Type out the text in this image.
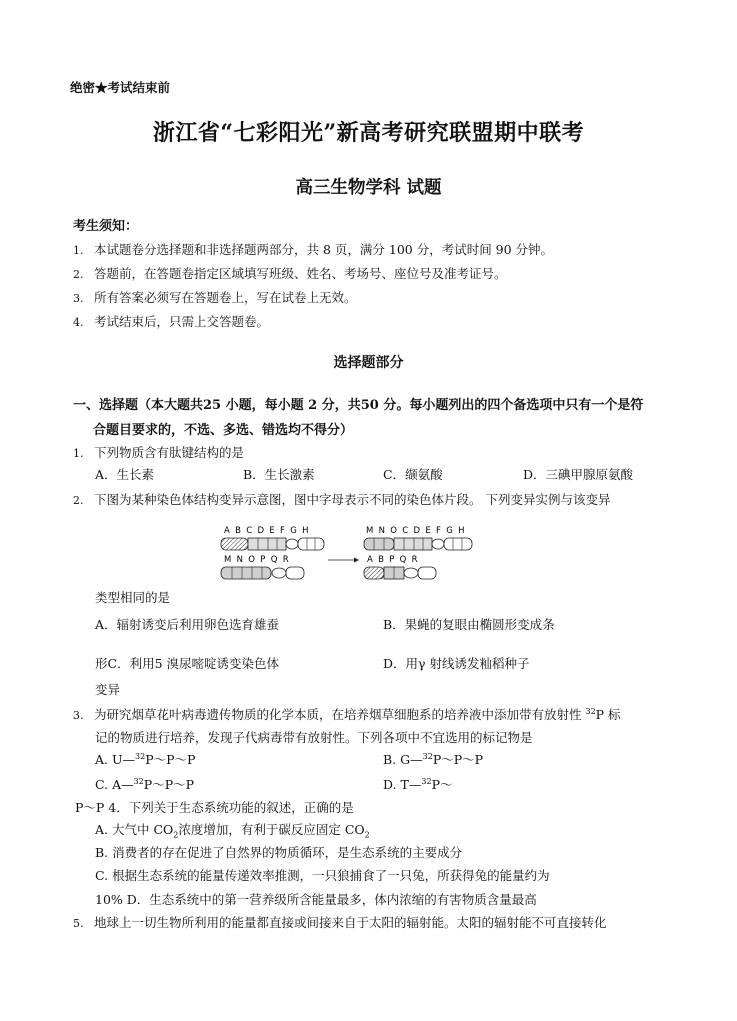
绝密★考试结束前
浙江省“七彩阳光”新高考研究联盟期中联考
高三生物学科 试题
考生须知：
1. 本试题卷分选择题和非选择题两部分，共 8 页，满分 100 分，考试时间 90 分钟。
2. 答题前，在答题卷指定区域填写班级、姓名、考场号、座位号及准考证号。
3. 所有答案必须写在答题卷上，写在试卷上无效。
4. 考试结束后，只需上交答题卷。
选择题部分
一、选择题（本大题共25 小题，每小题 2 分，共50 分。每小题列出的四个备选项中只有一个是符
合题目要求的，不选、多选、错选均不得分）
1. 下列物质含有肽键结构的是
A．生长素	B．生长激素	C．缬氨酸	D．三碘甲腺原氨酸
2. 下图为某种染色体结构变异示意图，图中字母表示不同的染色体片段。 下列变异实例与该变异
A B C D E F G H
M N O P Q R
M N O C D E F G H
A B P Q R
类型相同的是
A．辐射诱变后利用卵色选育雄蚕	B．果蝇的复眼由椭圆形变成条
形C．利用5 溴尿嘧啶诱变染色体	D．用γ 射线诱发籼稻种子
变异
3. 为研究烟草花叶病毒遗传物质的化学本质，在培养烟草细胞系的培养液中添加带有放射性 $^{32}$P 标
记的物质进行培养，发现子代病毒带有放射性。下列各项中不宜选用的标记物是
A. U—$^{32}$P～P～P	B. G—$^{32}$P～P～P
C. A—$^{32}$P～P～P	D. T—$^{32}$P～
P～P 4．下列关于生态系统功能的叙述，正确的是
A. 大气中 $CO_2$浓度增加，有利于碳反应固定 $CO_2$
B. 消费者的存在促进了自然界的物质循环，是生态系统的主要成分
C. 根据生态系统的能量传递效率推测，一只狼捕食了一只兔，所获得兔的能量约为
10% D．生态系统中的第一营养级所含能量最多，体内浓缩的有害物质含量最高
5. 地球上一切生物所利用的能量都直接或间接来自于太阳的辐射能。太阳的辐射能不可直接转化
